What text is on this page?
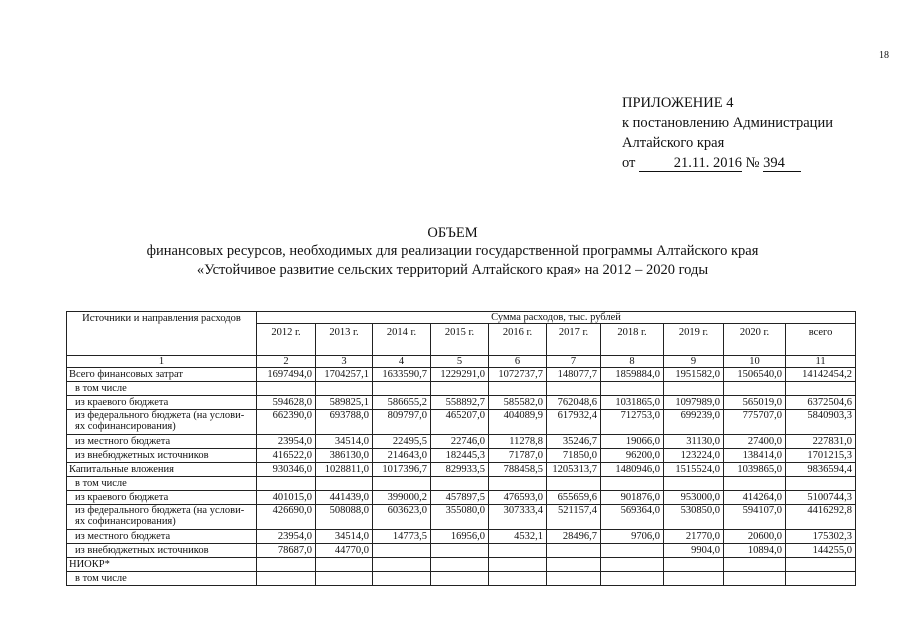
18
ПРИЛОЖЕНИЕ 4
к постановлению Администрации
Алтайского края
от	21.11. 2016 № 394
ОБЪЕМ
финансовых ресурсов, необходимых для реализации государственной программы Алтайского края
«Устойчивое развитие сельских территорий Алтайского края» на 2012 – 2020 годы
Источники и направления расходов	Сумма расходов, тыс. рублей									
	2012 г.	2013 г.	2014 г.	2015 г.	2016 г.	2017 г.	2018 г.	2019 г.	2020 г.	всего
1	2	3	4	5	6	7	8	9	10	11
Всего финансовых затрат	1697494,0	1704257,1	1633590,7	1229291,0	1072737,7	148077,7	1859884,0	1951582,0	1506540,0	14142454,2
в том числе										
из краевого бюджета	594628,0	589825,1	586655,2	558892,7	585582,0	762048,6	1031865,0	1097989,0	565019,0	6372504,6
из федерального бюджета (на услови-ях софинансирования)	662390,0	693788,0	809797,0	465207,0	404089,9	617932,4	712753,0	699239,0	775707,0	5840903,3
из местного бюджета	23954,0	34514,0	22495,5	22746,0	11278,8	35246,7	19066,0	31130,0	27400,0	227831,0
из внебюджетных источников	416522,0	386130,0	214643,0	182445,3	71787,0	71850,0	96200,0	123224,0	138414,0	1701215,3
Капитальные вложения	930346,0	1028811,0	1017396,7	829933,5	788458,5	1205313,7	1480946,0	1515524,0	1039865,0	9836594,4
в том числе										
из краевого бюджета	401015,0	441439,0	399000,2	457897,5	476593,0	655659,6	901876,0	953000,0	414264,0	5100744,3
из федерального бюджета (на услови-ях софинансирования)	426690,0	508088,0	603623,0	355080,0	307333,4	521157,4	569364,0	530850,0	594107,0	4416292,8
из местного бюджета	23954,0	34514,0	14773,5	16956,0	4532,1	28496,7	9706,0	21770,0	20600,0	175302,3
из внебюджетных источников	78687,0	44770,0						9904,0	10894,0	144255,0
НИОКР*										
в том числе										
